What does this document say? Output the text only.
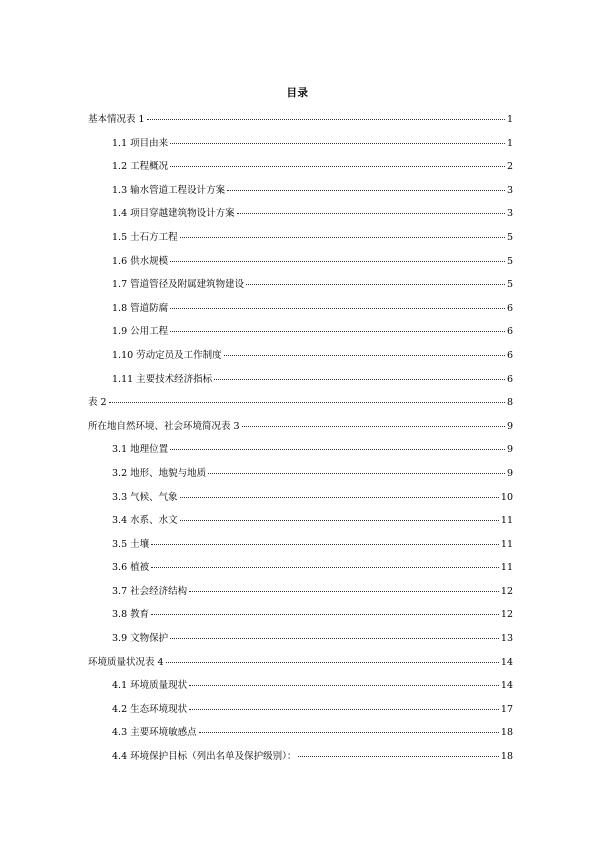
目录
基本情况表 1	1
1.1 项目由来	1
1.2 工程概况	2
1.3 输水管道工程设计方案	3
1.4 项目穿越建筑物设计方案	3
1.5 土石方工程	5
1.6 供水规模	5
1.7 管道管径及附属建筑物建设	5
1.8 管道防腐	6
1.9 公用工程	6
1.10 劳动定员及工作制度	6
1.11 主要技术经济指标	6
表 2	8
所在地自然环境、社会环境简况表 3	9
3.1 地理位置	9
3.2 地形、地貌与地质	9
3.3 气候、气象	10
3.4 水系、水文	11
3.5 土壤	11
3.6 植被	11
3.7 社会经济结构	12
3.8 教育	12
3.9 文物保护	13
环境质量状况表 4	14
4.1 环境质量现状	14
4.2 生态环境现状	17
4.3 主要环境敏感点	18
4.4 环境保护目标（列出名单及保护级别）：	18
